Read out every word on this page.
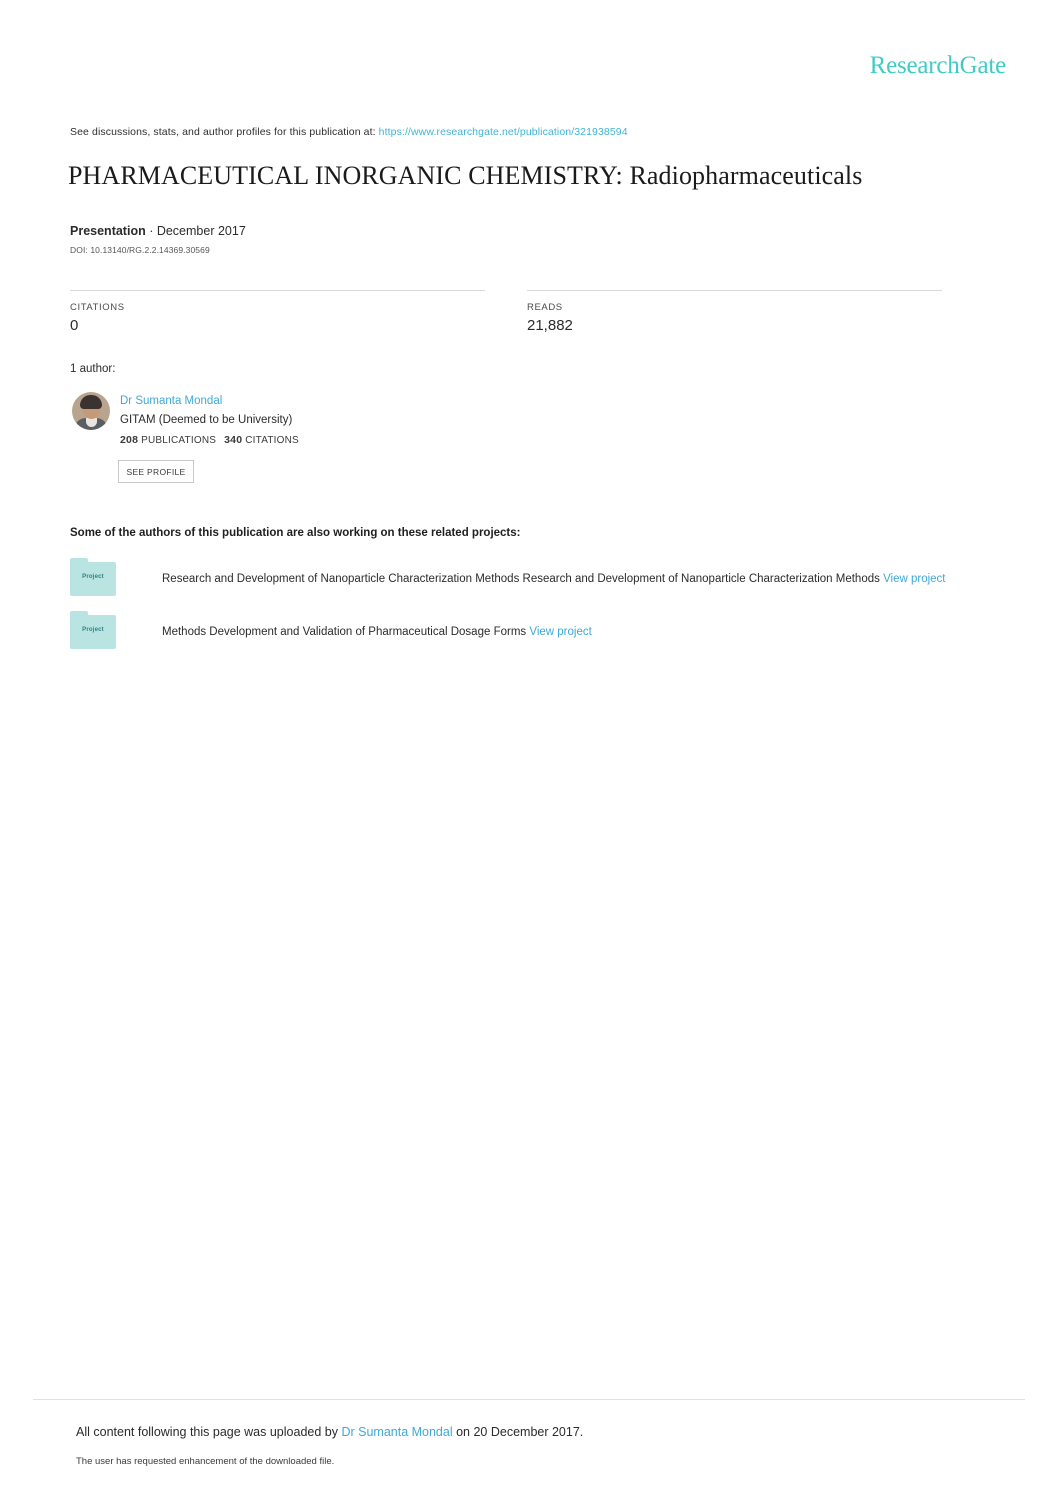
ResearchGate
See discussions, stats, and author profiles for this publication at: https://www.researchgate.net/publication/321938594
PHARMACEUTICAL INORGANIC CHEMISTRY: Radiopharmaceuticals
Presentation · December 2017
DOI: 10.13140/RG.2.2.14369.30569
CITATIONS
0
READS
21,882
1 author:
Dr Sumanta Mondal
GITAM (Deemed to be University)
208 PUBLICATIONS 340 CITATIONS
SEE PROFILE
Some of the authors of this publication are also working on these related projects:
Project	Research and Development of Nanoparticle Characterization Methods Research and Development of Nanoparticle Characterization Methods View project
Project	Methods Development and Validation of Pharmaceutical Dosage Forms View project
All content following this page was uploaded by Dr Sumanta Mondal on 20 December 2017.
The user has requested enhancement of the downloaded file.
